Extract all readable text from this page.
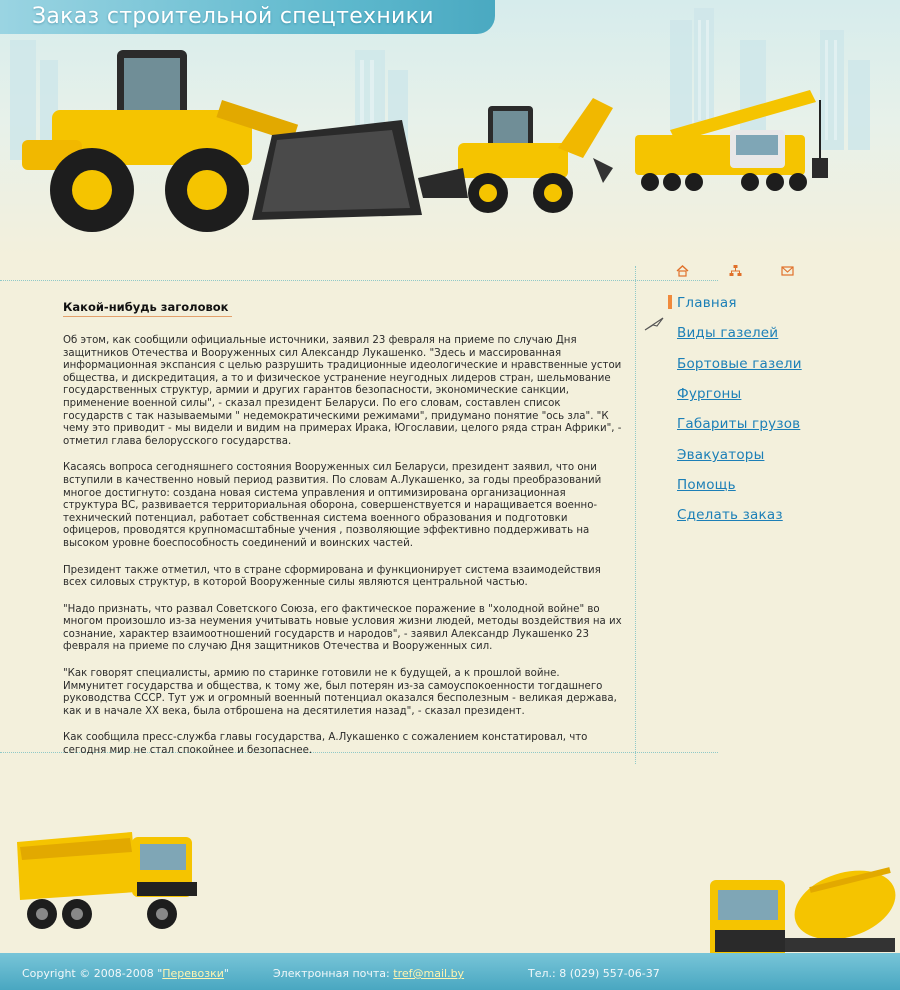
Заказ строительной спецтехники
Какой-нибудь заголовок

Об этом, как сообщили официальные источники, заявил 23 февраля на приеме по случаю Дня защитников Отечества и Вооруженных сил Александр Лукашенко. "Здесь и массированная информационная экспансия с целью разрушить традиционные идеологические и нравственные устои общества, и дискредитация, а то и физическое устранение неугодных лидеров стран, шельмование государственных структур, армии и других гарантов безопасности, экономические санкции, применение военной силы", - сказал президент Беларуси. По его словам, составлен список государств с так называемыми " недемократическими режимами", придумано понятие "ось зла". "К чему это приводит - мы видели и видим на примерах Ирака, Югославии, целого ряда стран Африки", - отметил глава белорусского государства.

Касаясь вопроса сегодняшнего состояния Вооруженных сил Беларуси, президент заявил, что они вступили в качественно новый период развития. По словам А.Лукашенко, за годы преобразований многое достигнуто: создана новая система управления и оптимизирована организационная структура ВС, развивается территориальная оборона, совершенствуется и наращивается военно-технический потенциал, работает собственная система военного образования и подготовки офицеров, проводятся крупномасштабные учения , позволяющие эффективно поддерживать на высоком уровне боеспособность соединений и воинских частей.

Президент также отметил, что в стране сформирована и функционирует система взаимодействия всех силовых структур, в которой Вооруженные силы являются центральной частью.

"Надо признать, что развал Советского Союза, его фактическое поражение в "холодной войне" во многом произошло из-за неумения учитывать новые условия жизни людей, методы воздействия на их сознание, характер взаимоотношений государств и народов", - заявил Александр Лукашенко 23 февраля на приеме по случаю Дня защитников Отечества и Вооруженных сил.

"Как говорят специалисты, армию по старинке готовили не к будущей, а к прошлой войне. Иммунитет государства и общества, к тому же, был потерян из-за самоуспокоенности тогдашнего руководства СССР. Тут уж и огромный военный потенциал оказался бесполезным - великая держава, как и в начале XX века, была отброшена на десятилетия назад", - сказал президент.

Как сообщила пресс-служба главы государства, А.Лукашенко с сожалением констатировал, что сегодня мир не стал спокойнее и безопаснее.

Главная
Виды газелей
Бортовые газели
Фургоны
Габариты грузов
Эвакуаторы
Помощь
Сделать заказ
Copyright © 2008-2008 "Перевозки"	Электронная почта: tref@mail.by	Тел.: 8 (029) 557-06-37
